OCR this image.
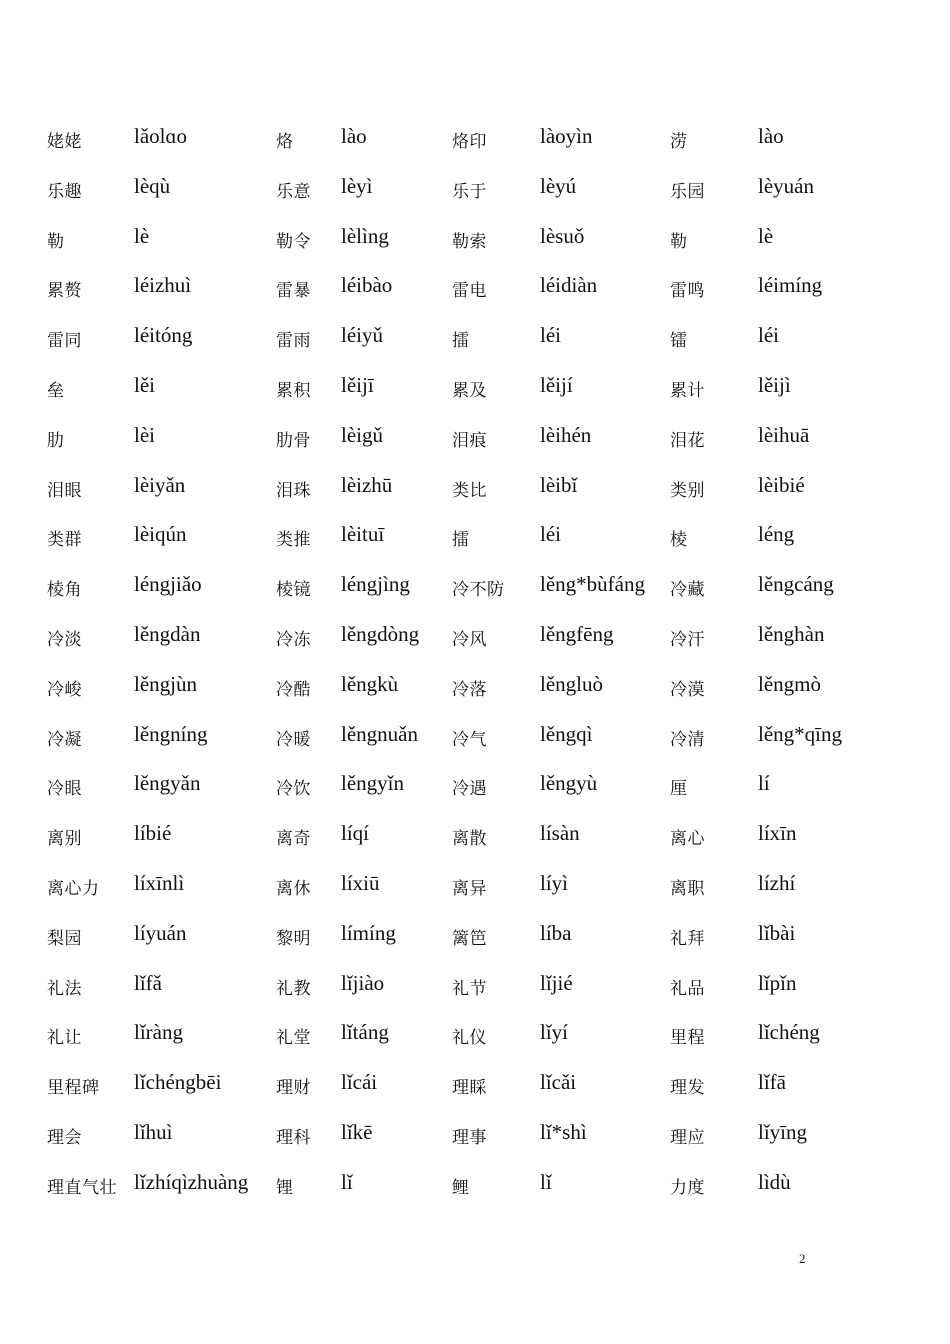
姥姥 lǎolɑo	烙 lào	烙印	làoyìn	涝	lào
乐趣 lèqù	乐意 lèyì	乐于	lèyú	乐园	lèyuán
勒	lè	勒令 lèlìng	勒索	lèsuǒ	勒	lè
累赘 léizhuì	雷暴 léibào	雷电	léidiàn	雷鸣	léimíng
雷同 léitóng	雷雨 léiyǔ	擂	léi	镭	léi
垒	lěi	累积 lěijī	累及	lěijí	累计	lěijì
肋	lèi	肋骨 lèigǔ	泪痕	lèihén	泪花	lèihuā
泪眼 lèiyǎn	泪珠 lèizhū	类比	lèibǐ	类别	lèibié
类群 lèiqún	类推 lèituī	擂	léi	棱	léng
棱角 léngjiǎo	棱镜 léngjìng 冷不防 lěng*bùfáng 冷藏	lěngcáng
冷淡 lěngdàn	冷冻 lěngdòng 冷风	lěngfēng	冷汗	lěnghàn
冷峻 lěngjùn	冷酷 lěngkù	冷落	lěngluò	冷漠	lěngmò
冷凝 lěngníng	冷暖 lěngnuǎn 冷气	lěngqì	冷清	lěng*qīng
冷眼 lěngyǎn	冷饮 lěngyǐn	冷遇	lěngyù	厘	lí
离别 líbié	离奇 líqí	离散	lísàn	离心	líxīn
离心力 líxīnlì	离休 líxiū	离异	líyì	离职	lízhí
梨园 líyuán	黎明 límíng	篱笆	líba	礼拜	lǐbài
礼法 lǐfǎ	礼教 lǐjiào	礼节	lǐjié	礼品	lǐpǐn
礼让 lǐràng	礼堂 lǐtáng	礼仪	lǐyí	里程	lǐchéng
里程碑 lǐchéngbēi	理财 lǐcái	理睬	lǐcǎi	理发	lǐfā
理会 lǐhuì	理科 lǐkē	理事	lǐ*shì	理应	lǐyīng
理直气壮 lǐzhíqìzhuàng 锂 lǐ	鲤	lǐ	力度	lìdù
2
